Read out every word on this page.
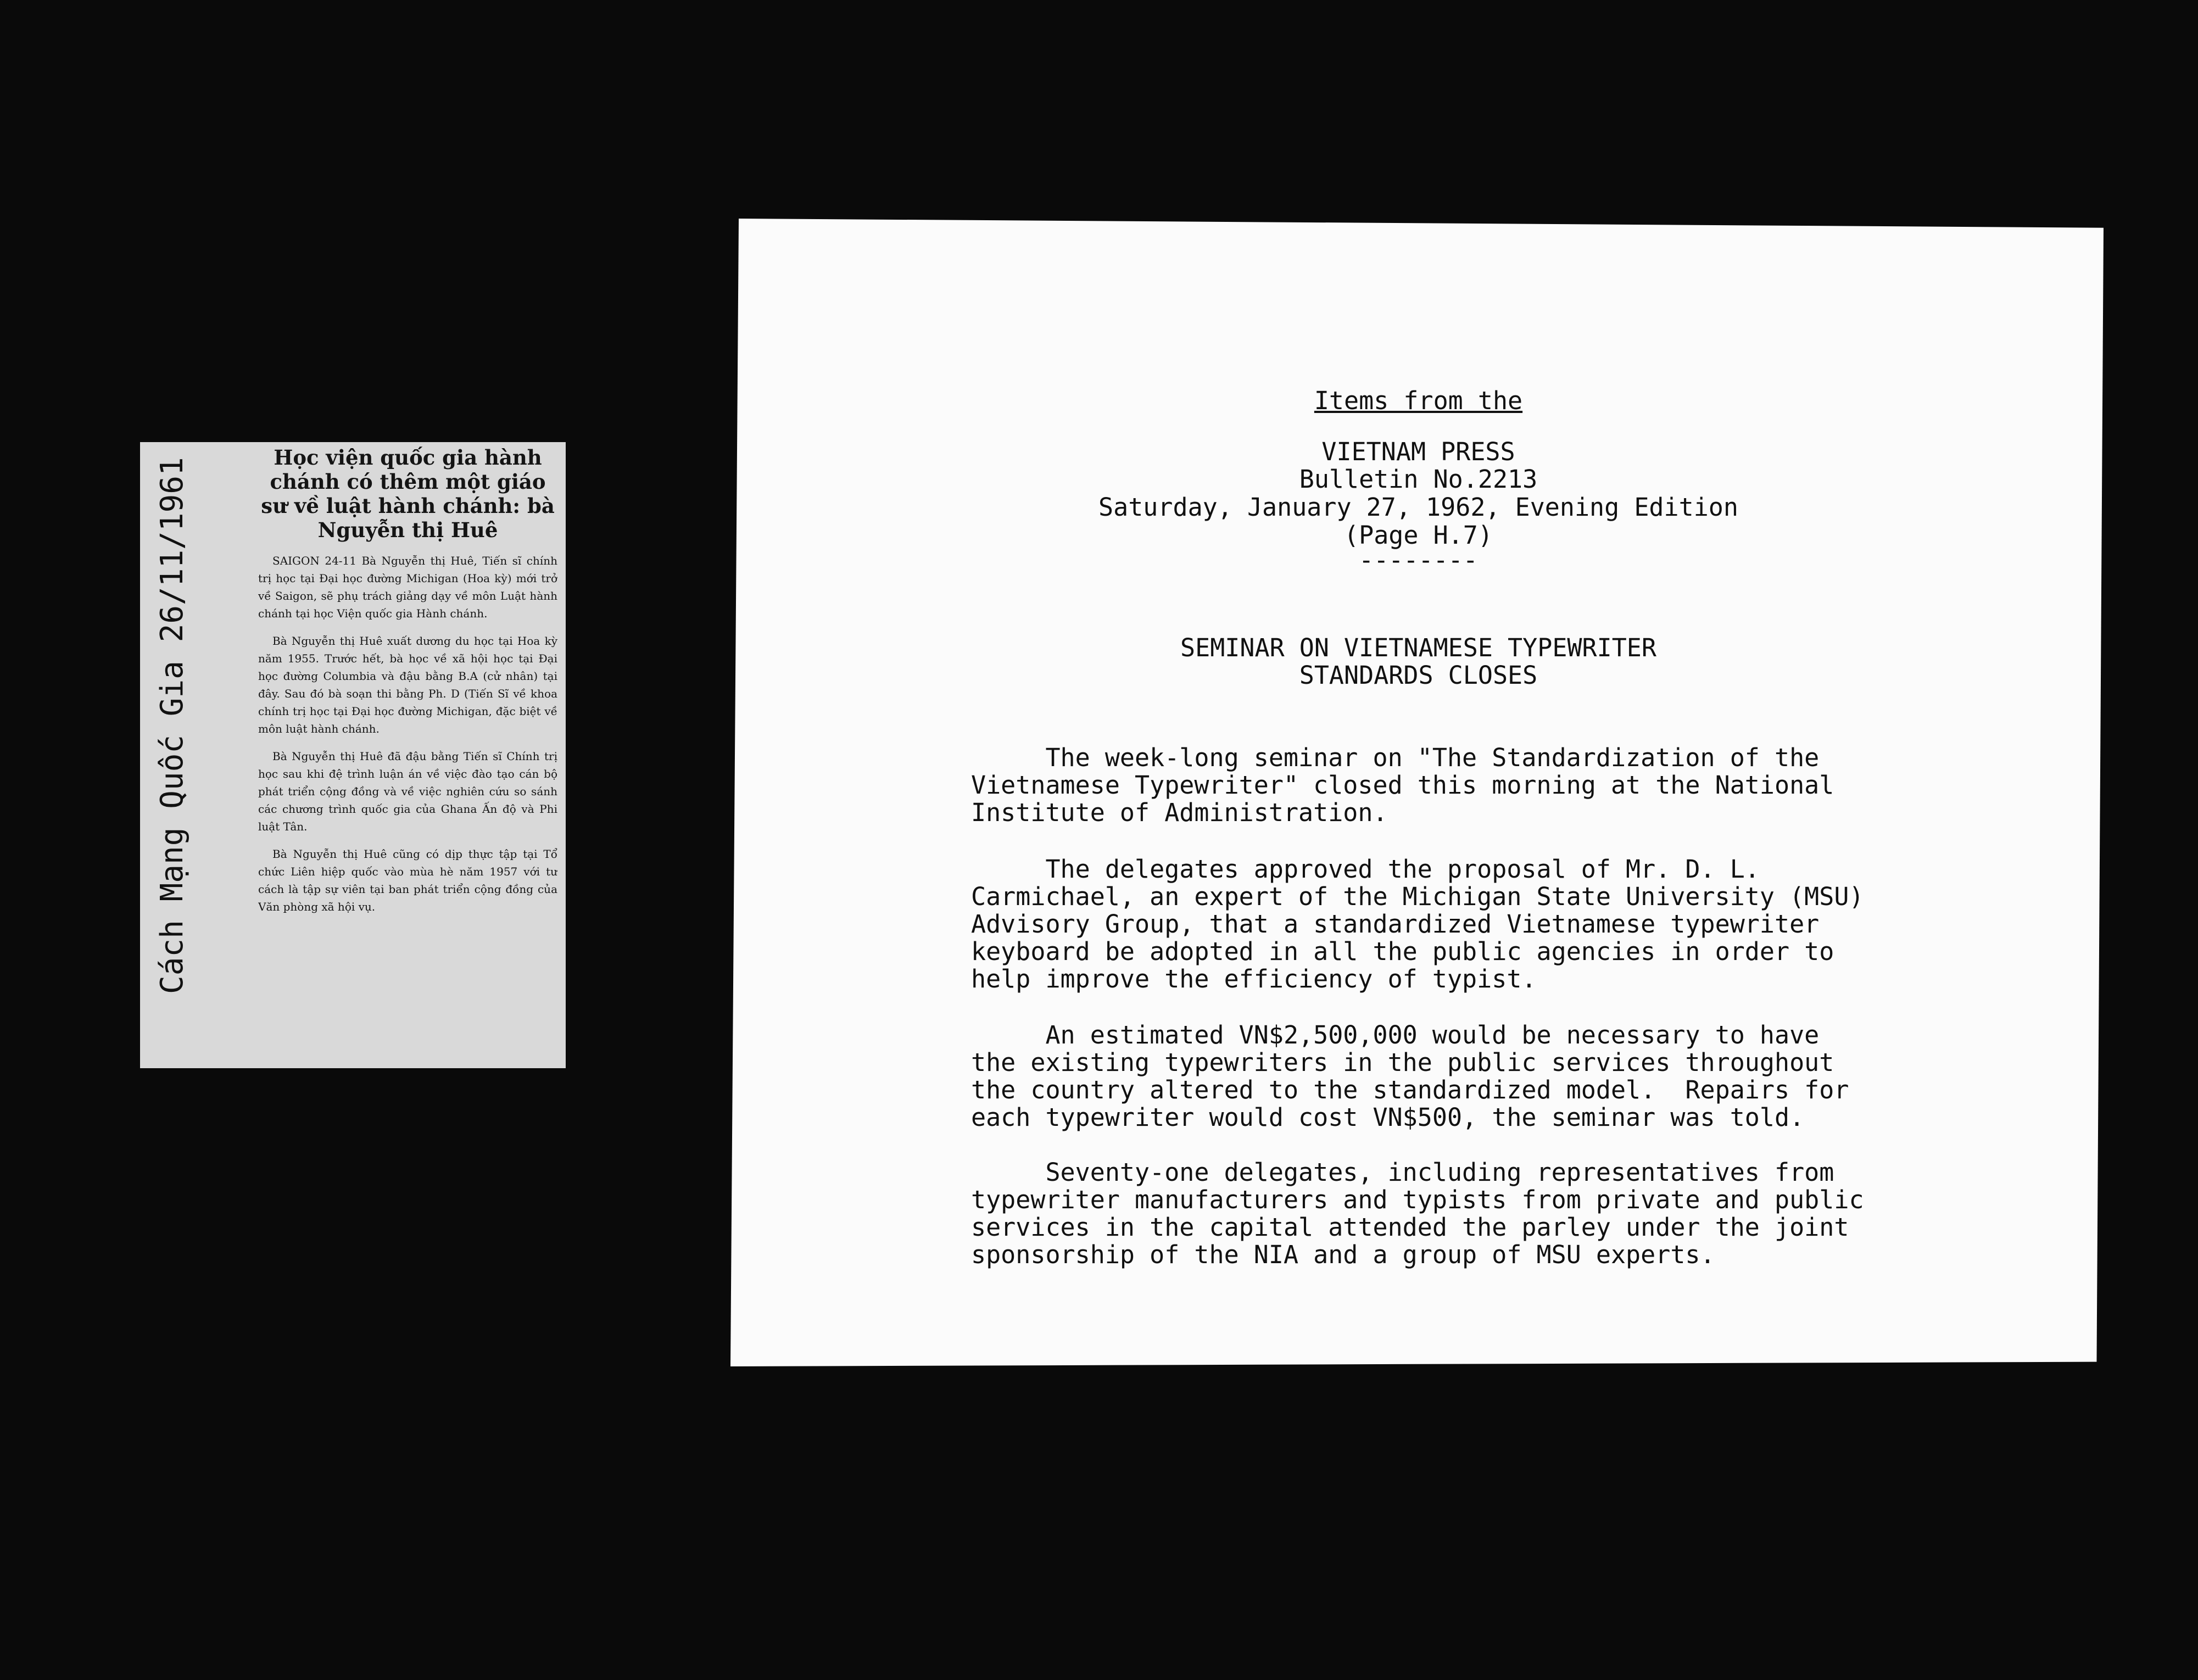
Cách Mạng Quốc Gia 26/11/1961	Học viện quốc gia hành chánh có thêm một giáo sư về luật hành chánh: bà Nguyễn thị Huê

SAIGON 24-11 Bà Nguyễn thị Huê, Tiến sĩ chính trị học tại Đại học đường Michigan (Hoa kỳ) mới trở về Saigon, sẽ phụ trách giảng dạy về môn Luật hành chánh tại học Viện quốc gia Hành chánh.

Bà Nguyễn thị Huê xuất dương du học tại Hoa kỳ năm 1955. Trước hết, bà học về xã hội học tại Đại học đường Columbia và đậu bằng B.A (cử nhân) tại đây. Sau đó bà soạn thi bằng Ph. D (Tiến Sĩ về khoa chính trị học tại Đại học đường Michigan, đặc biệt về môn luật hành chánh.

Bà Nguyễn thị Huê đã đậu bằng Tiến sĩ Chính trị học sau khi đệ trình luận án về việc đào tạo cán bộ phát triển cộng đồng và về việc nghiên cứu so sánh các chương trình quốc gia của Ghana Ấn độ và Phi luật Tân.

Bà Nguyễn thị Huê cũng có dịp thực tập tại Tổ chức Liên hiệp quốc vào mùa hè năm 1957 với tư cách là tập sự viên tại ban phát triển cộng đồng của Văn phòng xã hội vụ.

Items from the

VIETNAM PRESS

Bulletin No.2213

Saturday, January 27, 1962, Evening Edition

(Page H.7)

--------

SEMINAR ON VIETNAMESE TYPEWRITER

STANDARDS CLOSES

The week-long seminar on "The Standardization of the
Vietnamese Typewriter" closed this morning at the National
Institute of Administration.

The delegates approved the proposal of Mr. D. L.
Carmichael, an expert of the Michigan State University (MSU)
Advisory Group, that a standardized Vietnamese typewriter
keyboard be adopted in all the public agencies in order to
help improve the efficiency of typist.

An estimated VN$2,500,000 would be necessary to have
the existing typewriters in the public services throughout
the country altered to the standardized model.  Repairs for
each typewriter would cost VN$500, the seminar was told.

Seventy-one delegates, including representatives from
typewriter manufacturers and typists from private and public
services in the capital attended the parley under the joint
sponsorship of the NIA and a group of MSU experts.
